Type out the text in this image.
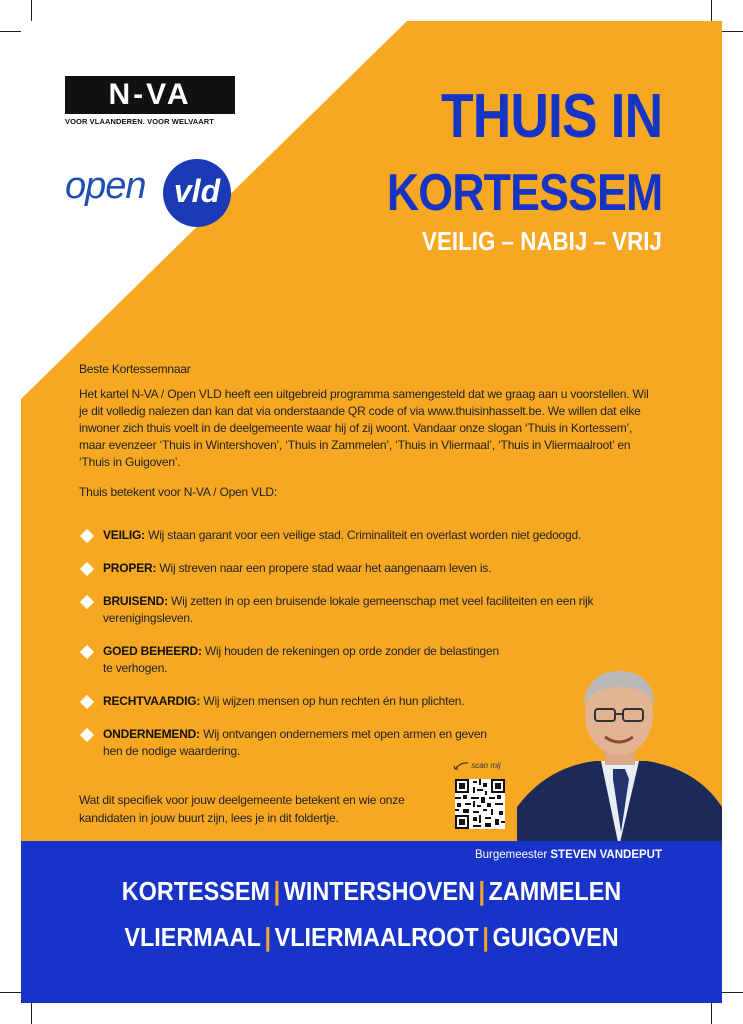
N-VA
VOOR VLAANDEREN. VOOR WELVAART
open vld
THUIS IN
KORTESSEM
VEILIG – NABIJ – VRIJ

Beste Kortessemnaar

Het kartel N-VA / Open VLD heeft een uitgebreid programma samengesteld dat we graag aan u voorstellen. Wil je dit volledig nalezen dan kan dat via onderstaande QR code of via www.thuisinhasselt.be. We willen dat elke inwoner zich thuis voelt in de deelgemeente waar hij of zij woont. Vandaar onze slogan ‘Thuis in Kortessem’, maar evenzeer ‘Thuis in Wintershoven’, ‘Thuis in Zammelen’, ‘Thuis in Vliermaal’, ‘Thuis in Vliermaalroot’ en ‘Thuis in Guigoven’.

Thuis betekent voor N-VA / Open VLD:

VEILIG: Wij staan garant voor een veilige stad. Criminaliteit en overlast worden niet gedoogd.
PROPER: Wij streven naar een propere stad waar het aangenaam leven is.
BRUISEND: Wij zetten in op een bruisende lokale gemeenschap met veel faciliteiten en een rijk verenigingsleven.
GOED BEHEERD: Wij houden de rekeningen op orde zonder de belastingen te verhogen.
RECHTVAARDIG: Wij wijzen mensen op hun rechten én hun plichten.
ONDERNEMEND: Wij ontvangen ondernemers met open armen en geven hen de nodige waardering.
Wat dit specifiek voor jouw deelgemeente betekent en wie onze kandidaten in jouw buurt zijn, lees je in dit foldertje.
scan mij
Burgemeester STEVEN VANDEPUT
KORTESSEM | WINTERSHOVEN | ZAMMELEN
VLIERMAAL | VLIERMAALROOT | GUIGOVEN
